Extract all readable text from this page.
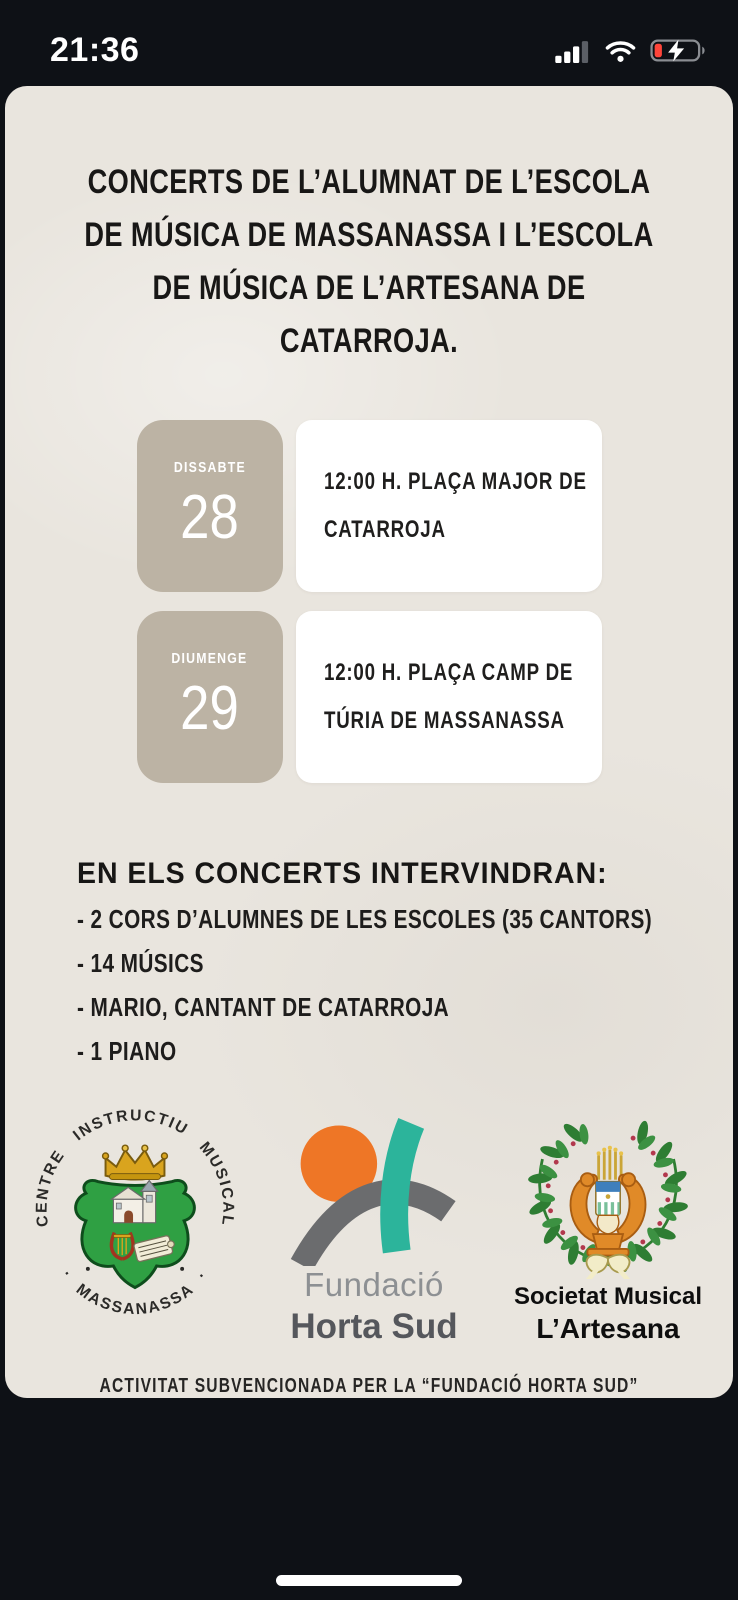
21:36
CONCERTS DE L’ALUMNAT DE L’ESCOLA
DE MÚSICA DE MASSANASSA I L’ESCOLA
DE MÚSICA DE L’ARTESANA DE CATARROJA.
DISSABTE
28
12:00 H. PLAÇA MAJOR DE
CATARROJA
DIUMENGE
29
12:00 H. PLAÇA CAMP DE
TÚRIA DE MASSANASSA
EN ELS CONCERTS INTERVINDRAN:
- 2 CORS D’ALUMNES DE LES ESCOLES (35 CANTORS)
- 14 MÚSICS
- MARIO, CANTANT DE CATARROJA
- 1 PIANO
CENTRE INSTRUCTIU MUSICAL
· MASSANASSA ·	Fundació
Horta Sud
Societat Musical
L’Artesana
ACTIVITAT SUBVENCIONADA PER LA “FUNDACIÓ HORTA SUD”
